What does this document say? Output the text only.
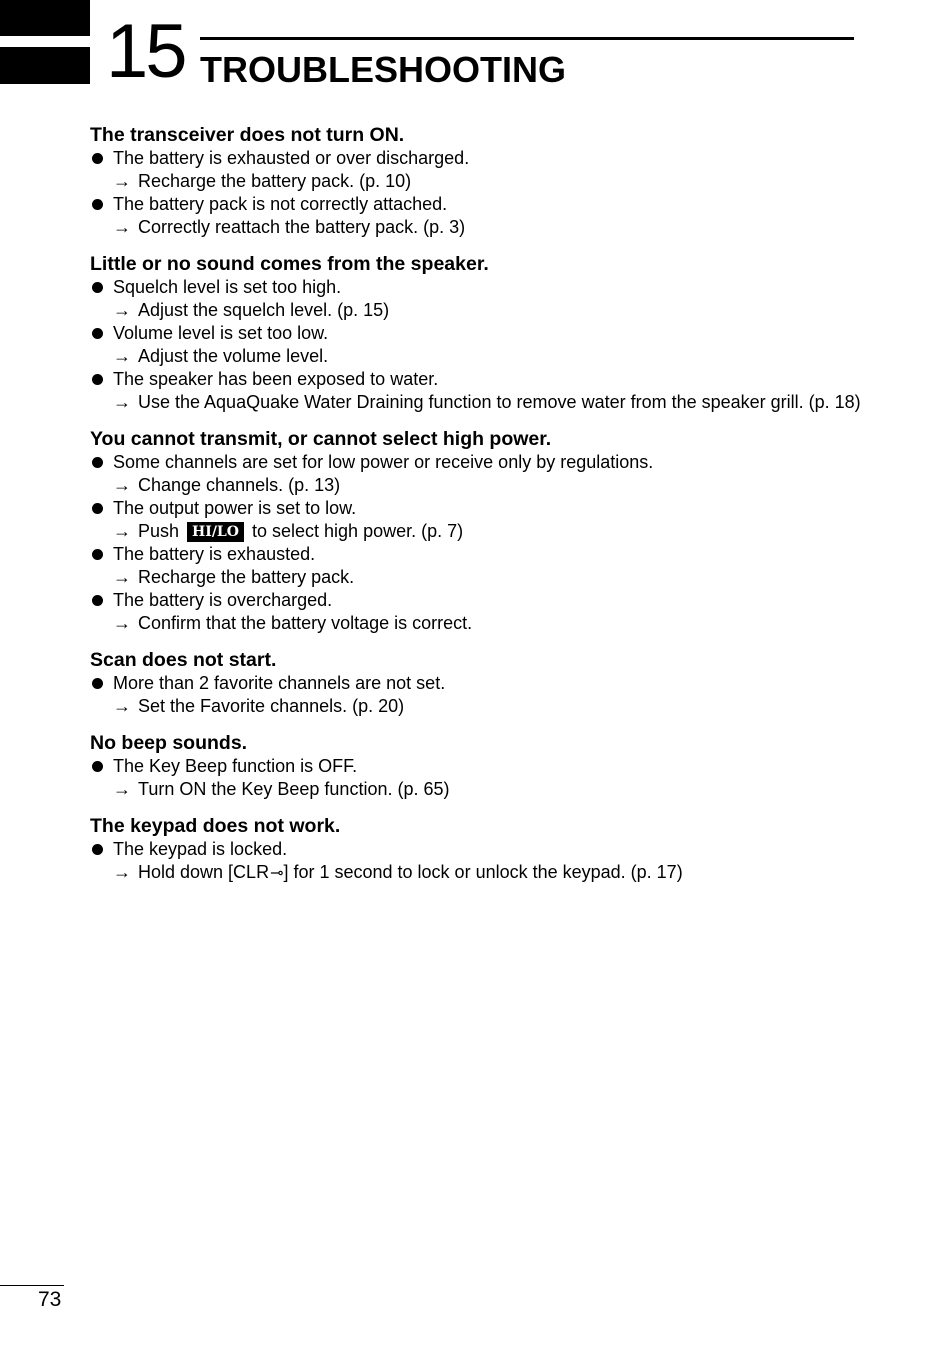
15 TROUBLESHOOTING
The transceiver does not turn ON.
The battery is exhausted or over discharged.
→ Recharge the battery pack. (p. 10)
The battery pack is not correctly attached.
→ Correctly reattach the battery pack. (p. 3)
Little or no sound comes from the speaker.
Squelch level is set too high.
→ Adjust the squelch level. (p. 15)
Volume level is set too low.
→ Adjust the volume level.
The speaker has been exposed to water.
→ Use the AquaQuake Water Draining function to remove water from the speaker grill. (p. 18)
You cannot transmit, or cannot select high power.
Some channels are set for low power or receive only by regulations.
→ Change channels. (p. 13)
The output power is set to low.
→ Push HI/LO to select high power. (p. 7)
The battery is exhausted.
→ Recharge the battery pack.
The battery is overcharged.
→ Confirm that the battery voltage is correct.
Scan does not start.
More than 2 favorite channels are not set.
→ Set the Favorite channels. (p. 20)
No beep sounds.
The Key Beep function is OFF.
→ Turn ON the Key Beep function. (p. 65)
The keypad does not work.
The keypad is locked.
→ Hold down [CLR⊸] for 1 second to lock or unlock the keypad. (p. 17)
73
